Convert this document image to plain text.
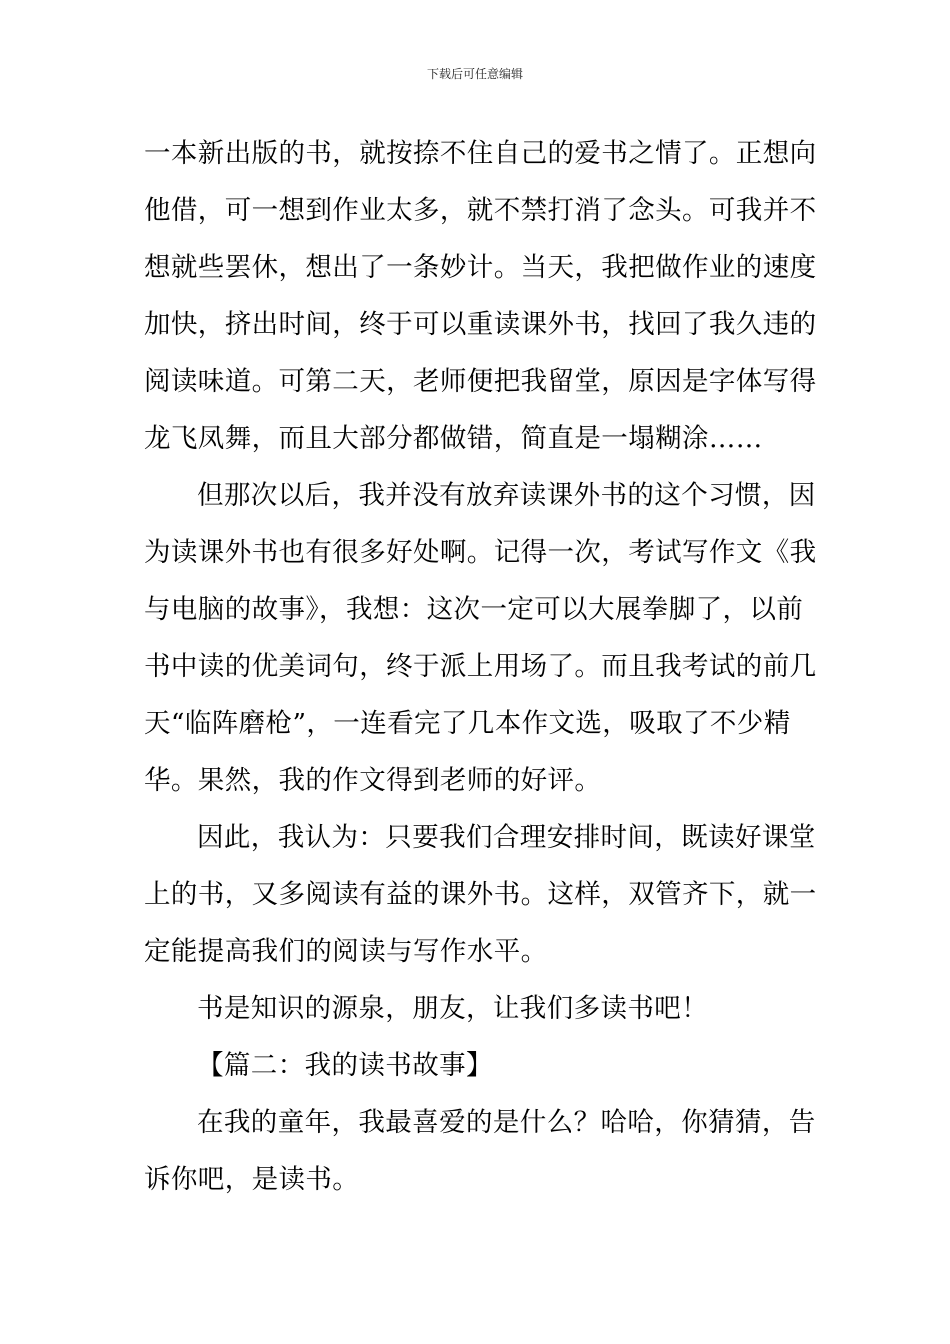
下载后可任意编辑
一本新出版的书，就按捺不住自己的爱书之情了。正想向
他借，可一想到作业太多，就不禁打消了念头。可我并不
想就些罢休，想出了一条妙计。当天，我把做作业的速度
加快，挤出时间，终于可以重读课外书，找回了我久违的
阅读味道。可第二天，老师便把我留堂，原因是字体写得
龙飞凤舞，而且大部分都做错，简直是一塌糊涂……
但那次以后，我并没有放弃读课外书的这个习惯，因
为读课外书也有很多好处啊。记得一次，考试写作文《我
与电脑的故事》，我想：这次一定可以大展拳脚了，以前
书中读的优美词句，终于派上用场了。而且我考试的前几
天“临阵磨枪”，一连看完了几本作文选，吸取了不少精
华。果然，我的作文得到老师的好评。
因此，我认为：只要我们合理安排时间，既读好课堂
上的书，又多阅读有益的课外书。这样，双管齐下，就一
定能提高我们的阅读与写作水平。
书是知识的源泉，朋友，让我们多读书吧！
【篇二：我的读书故事】
在我的童年，我最喜爱的是什么？哈哈，你猜猜，告
诉你吧，是读书。
